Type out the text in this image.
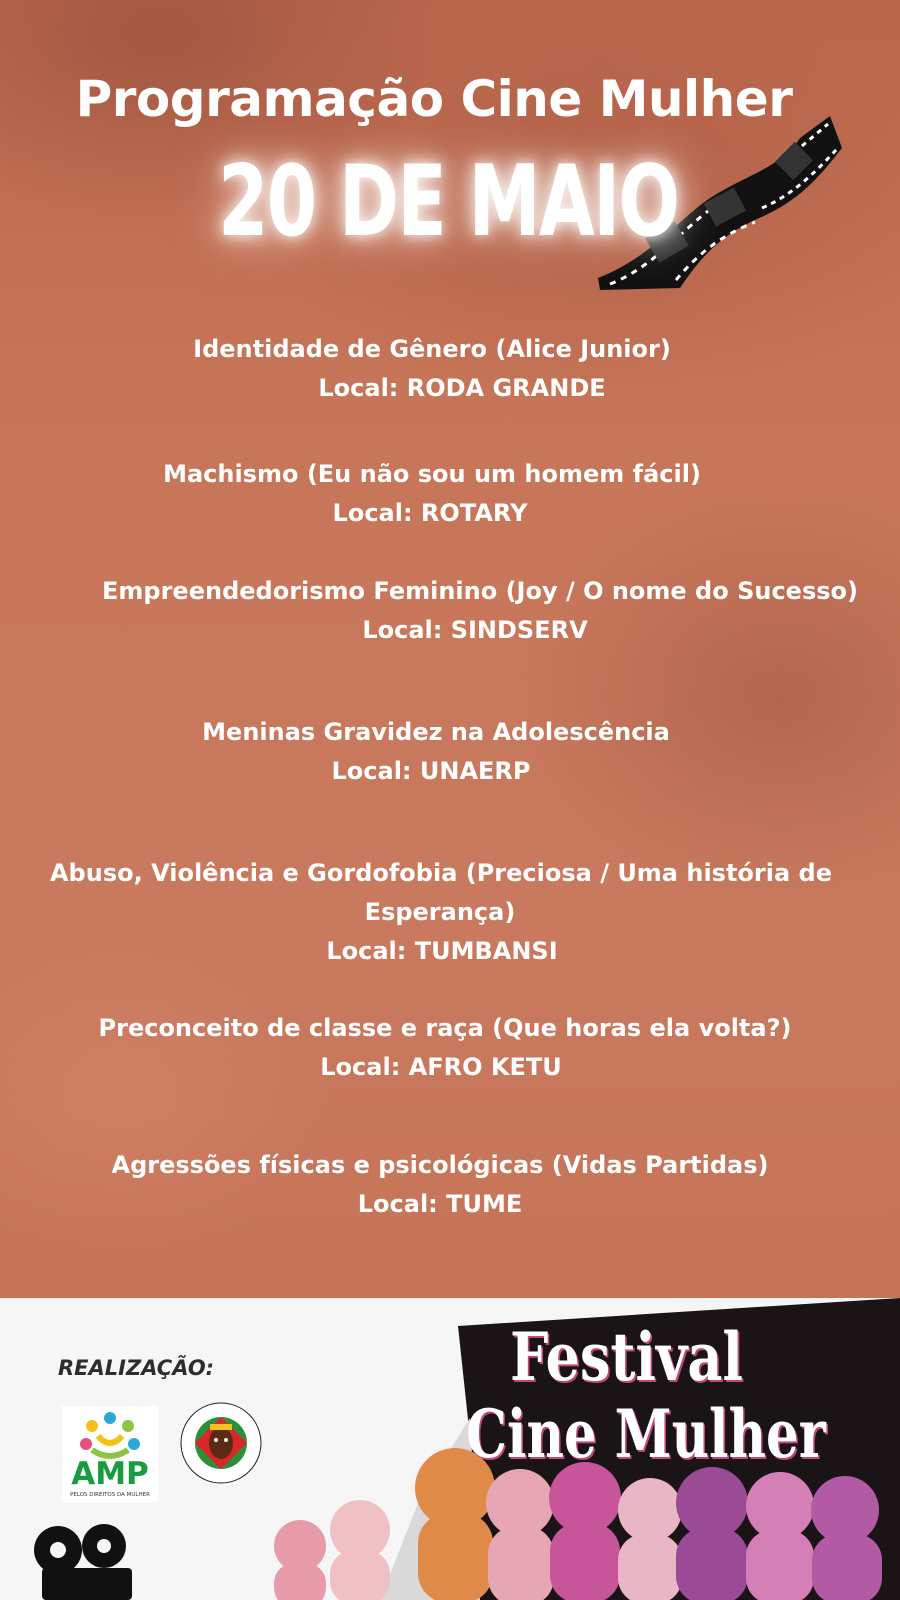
Programação Cine Mulher
20 DE MAIO
Identidade de Gênero (Alice Junior)
Local: RODA GRANDE
Machismo (Eu não sou um homem fácil)
Local: ROTARY
Empreendedorismo Feminino (Joy / O nome do Sucesso)
Local: SINDSERV
Meninas Gravidez na Adolescência
Local: UNAERP
Abuso, Violência e Gordofobia (Preciosa / Uma história de
Esperança)
Local: TUMBANSI
Preconceito de classe e raça (Que horas ela volta?)
Local: AFRO KETU
Agressões físicas e psicológicas (Vidas Partidas)
Local: TUME
Festival
Cine Mulher
REALIZAÇÃO:
AMP
PELOS DIREITOS DA MULHER
